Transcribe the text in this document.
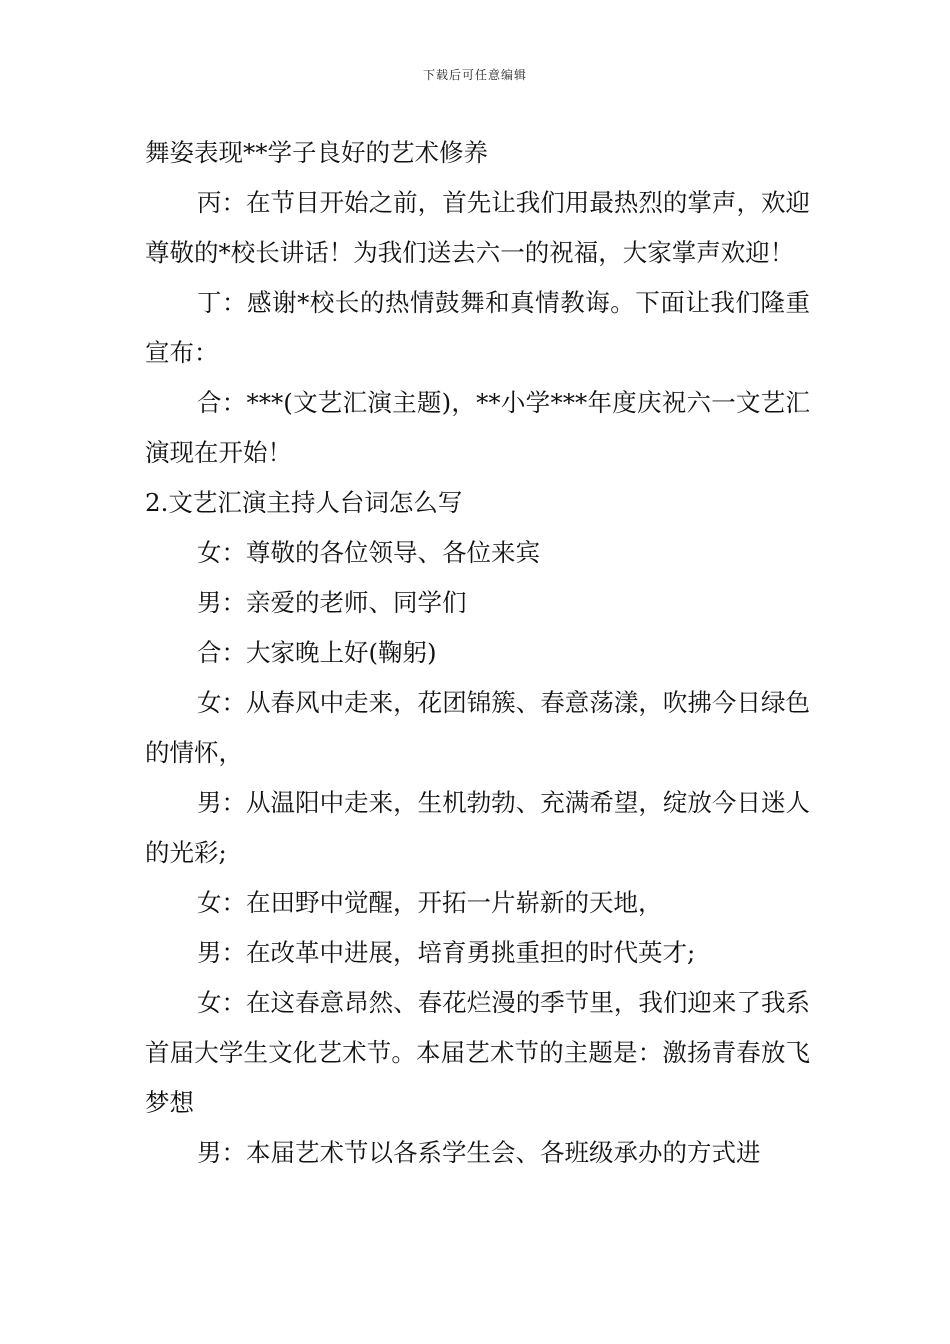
下载后可任意编辑

舞姿表现**学子良好的艺术修养

丙：在节目开始之前，首先让我们用最热烈的掌声，欢迎尊敬的*校长讲话！为我们送去六一的祝福，大家掌声欢迎！

丁：感谢*校长的热情鼓舞和真情教诲。下面让我们隆重宣布：

合：***(文艺汇演主题)，**小学***年度庆祝六一文艺汇演现在开始！

2.文艺汇演主持人台词怎么写

女：尊敬的各位领导、各位来宾

男：亲爱的老师、同学们

合：大家晚上好(鞠躬)

女：从春风中走来，花团锦簇、春意荡漾，吹拂今日绿色的情怀，

男：从温阳中走来，生机勃勃、充满希望，绽放今日迷人的光彩;

女：在田野中觉醒，开拓一片崭新的天地，

男：在改革中进展，培育勇挑重担的时代英才;

女：在这春意昂然、春花烂漫的季节里，我们迎来了我系首届大学生文化艺术节。本届艺术节的主题是：激扬青春放飞梦想

男：本届艺术节以各系学生会、各班级承办的方式进
